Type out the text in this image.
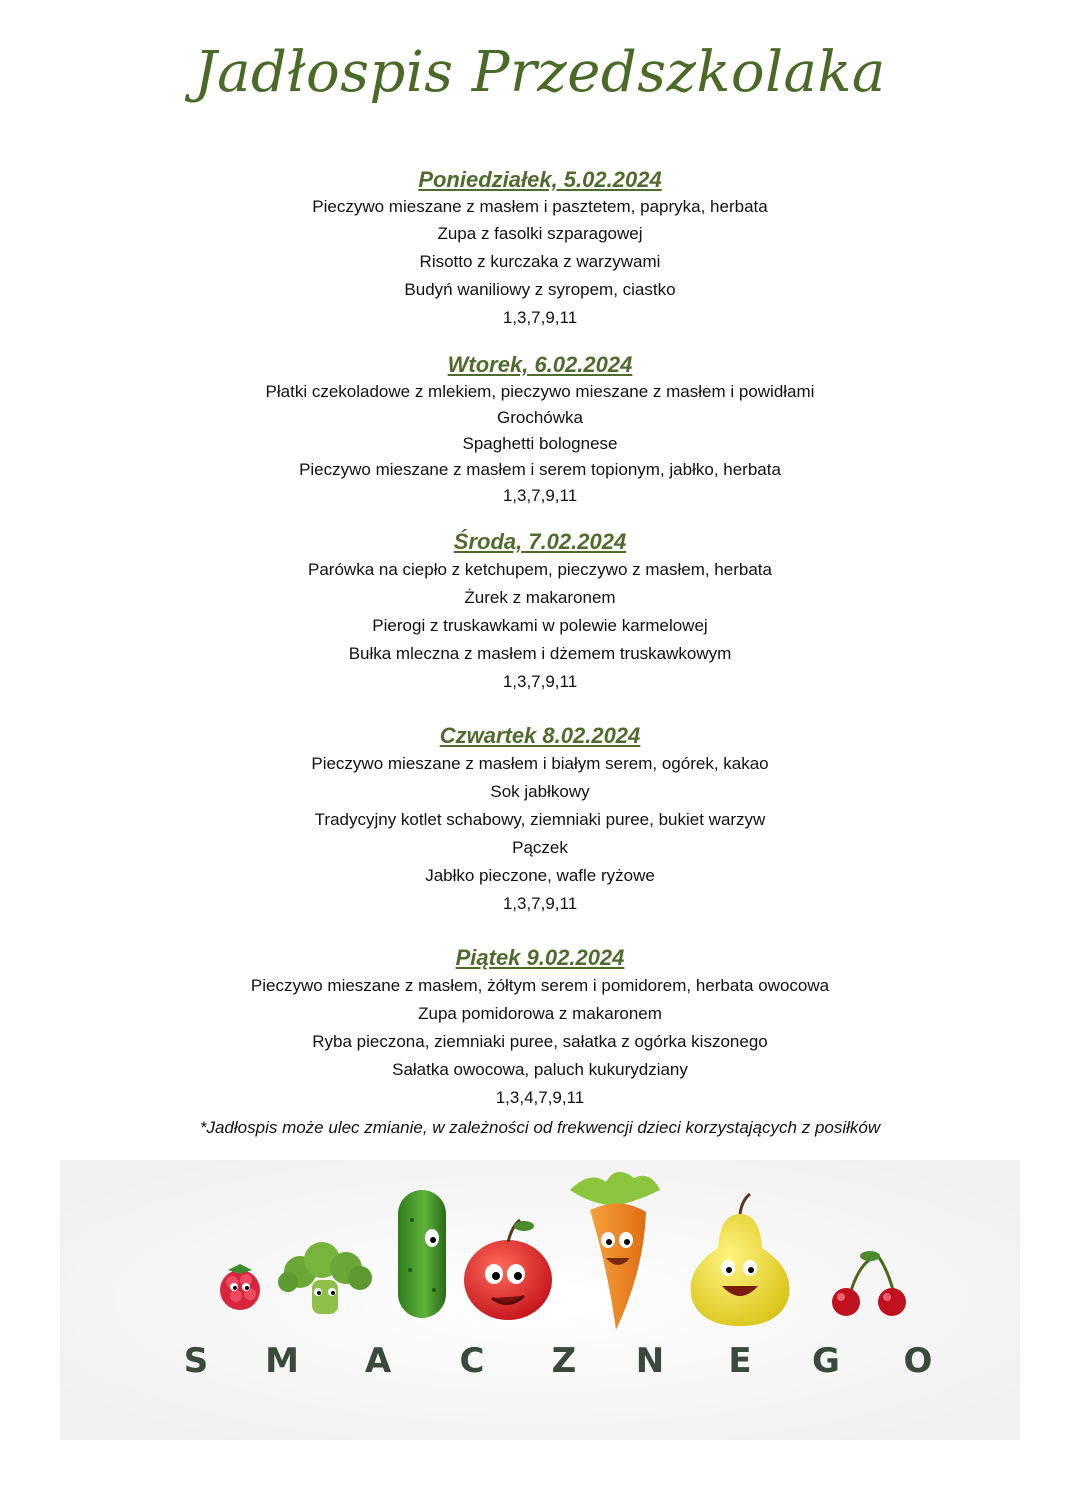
Jadłospis Przedszkolaka
Poniedziałek, 5.02.2024
Pieczywo mieszane z masłem i pasztetem, papryka, herbata
Zupa z fasolki szparagowej
Risotto z kurczaka z warzywami
Budyń waniliowy z syropem, ciastko
1,3,7,9,11
Wtorek, 6.02.2024
Płatki czekoladowe z mlekiem, pieczywo mieszane z masłem i powidłami
Grochówka
Spaghetti bolognese
Pieczywo mieszane z masłem i serem topionym, jabłko, herbata
1,3,7,9,11
Środa, 7.02.2024
Parówka na ciepło z ketchupem, pieczywo z masłem, herbata
Żurek z makaronem
Pierogi z truskawkami w polewie karmelowej
Bułka mleczna z masłem i dżemem truskawkowym
1,3,7,9,11
Czwartek 8.02.2024
Pieczywo mieszane z masłem i białym serem, ogórek, kakao
Sok jabłkowy
Tradycyjny kotlet schabowy, ziemniaki puree, bukiet warzyw
Pączek
Jabłko pieczone, wafle ryżowe
1,3,7,9,11
Piątek 9.02.2024
Pieczywo mieszane z masłem, żółtym serem i pomidorem, herbata owocowa
Zupa pomidorowa z makaronem
Ryba pieczona, ziemniaki puree, sałatka z ogórka kiszonego
Sałatka owocowa, paluch kukurydziany
1,3,4,7,9,11
*Jadłospis może ulec zmianie, w zależności od frekwencji dzieci korzystających z posiłków
S M A C Z N E G O
